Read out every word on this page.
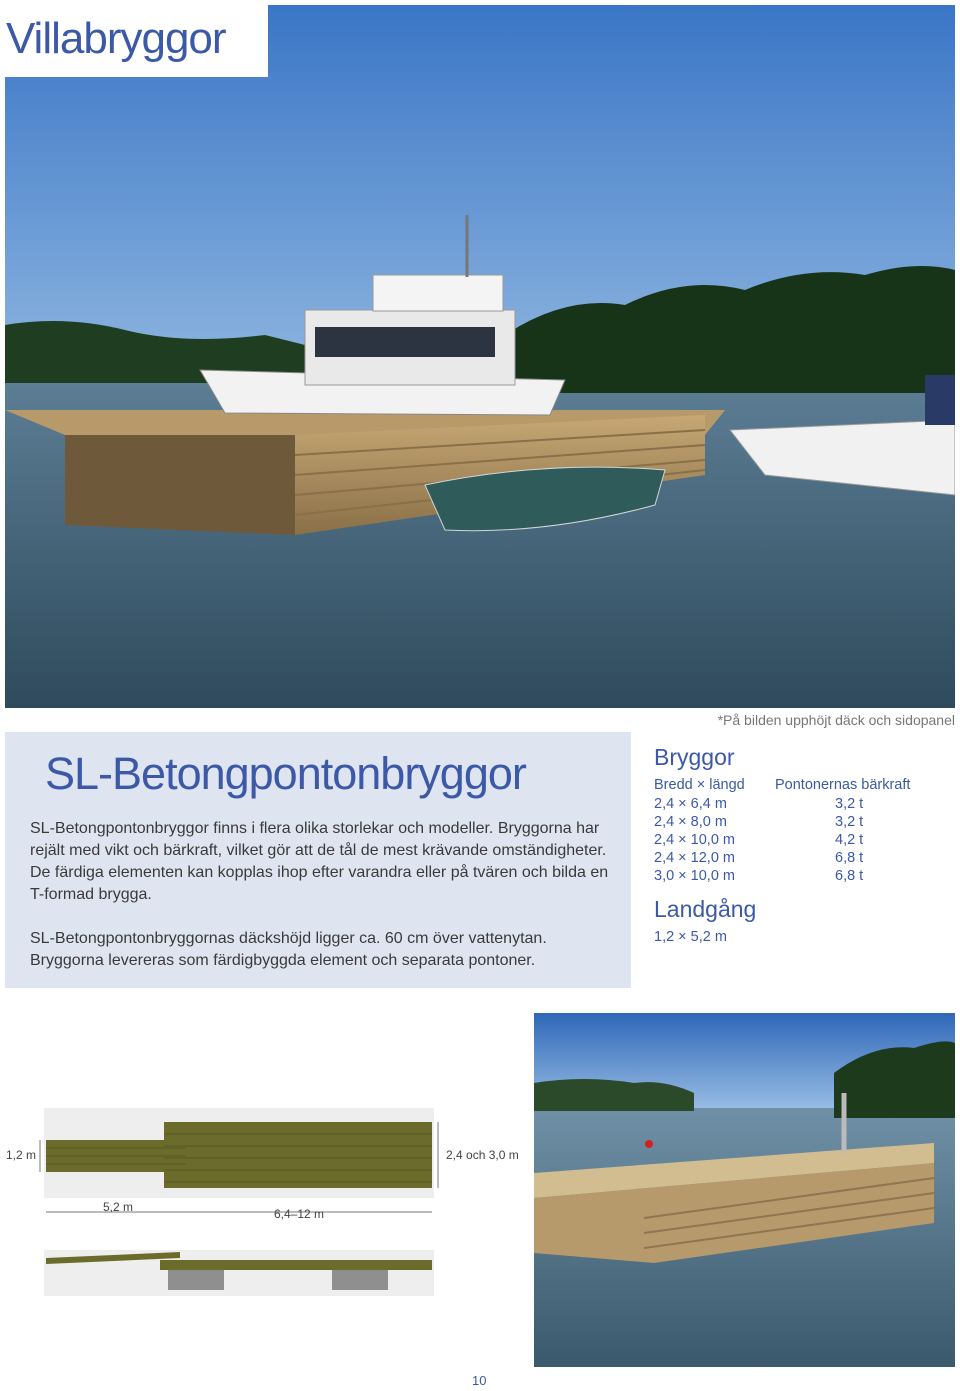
Villabryggor
*På bilden upphöjt däck och sidopanel
SL-Betongpontonbryggor
SL-Betongpontonbryggor finns i flera olika storlekar och modeller. Bryggorna har rejält med vikt och bärkraft, vilket gör att de tål de mest krävande omständigheter. De färdiga elementen kan kopplas ihop efter varandra eller på tvären och bilda en T-formad brygga.
SL-Betongpontonbryggornas däckshöjd ligger ca. 60 cm över vattenytan. Bryggorna levereras som färdigbyggda element och separata pontoner.
Bryggor
Bredd × längd Pontonernas bärkraft
2,4 × 6,4 m
2,4 × 8,0 m
2,4 × 10,0 m
2,4 × 12,0 m
3,0 × 10,0 m
3,2 t
3,2 t
4,2 t
6,8 t
6,8 t
Landgång
1,2 × 5,2 m
1,2 m	2,4 och 3,0 m
5,2 m	6,4–12 m
10
